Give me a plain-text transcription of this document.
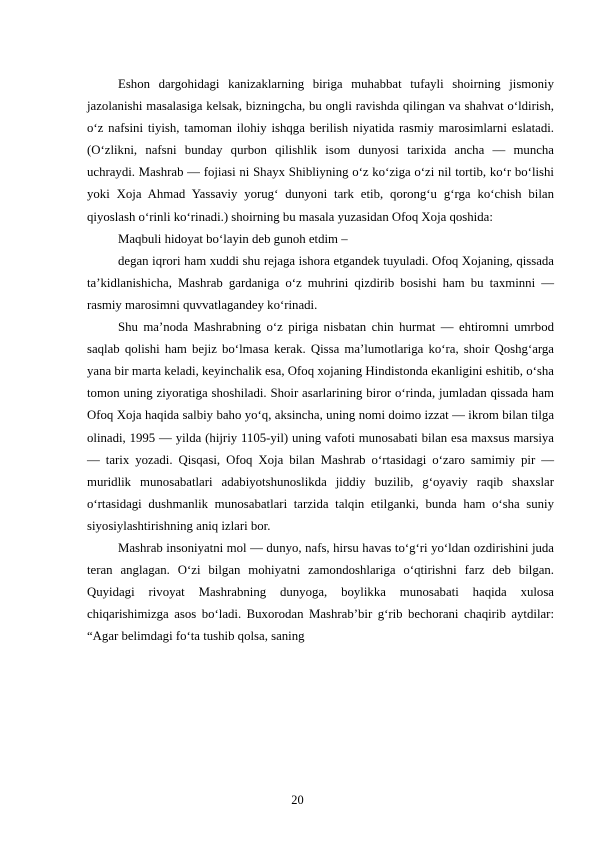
Eshon dargohidagi kanizaklarning biriga muhabbat tufayli shoirning jismoniy jazolanishi masalasiga kelsak, bizningcha, bu ongli ravishda qilingan va shahvat o‘ldirish, o‘z nafsini tiyish, tamoman ilohiy ishqga berilish niyatida rasmiy marosimlarni eslatadi. (O‘zlikni, nafsni bunday qurbon qilishlik isom dunyosi tarixida ancha — muncha uchraydi. Mashrab — fojiasi ni Shayx Shibliyning o‘z ko‘ziga o‘zi nil tortib, ko‘r bo‘lishi yoki Xoja Ahmad Yassaviy yorug‘ dunyoni tark etib, qorong‘u g‘rga ko‘chish bilan qiyoslash o‘rinli ko‘rinadi.) shoirning bu masala yuzasidan Ofoq Xoja qoshida:

Maqbuli hidoyat bo‘layin deb gunoh etdim –

degan iqrori ham xuddi shu rejaga ishora etgandek tuyuladi. Ofoq Xojaning, qissada ta’kidlanishicha, Mashrab gardaniga o‘z muhrini qizdirib bosishi ham bu taxminni — rasmiy marosimni quvvatlagandey ko‘rinadi.

Shu ma’noda Mashrabning o‘z piriga nisbatan chin hurmat — ehtiromni umrbod saqlab qolishi ham bejiz bo‘lmasa kerak. Qissa ma’lumotlariga ko‘ra, shoir Qoshg‘arga yana bir marta keladi, keyinchalik esa, Ofoq xojaning Hindistonda ekanligini eshitib, o‘sha tomon uning ziyoratiga shoshiladi. Shoir asarlarining biror o‘rinda, jumladan qissada ham Ofoq Xoja haqida salbiy baho yo‘q, aksincha, uning nomi doimo izzat — ikrom bilan tilga olinadi, 1995 — yilda (hijriy 1105-yil) uning vafoti munosabati bilan esa maxsus marsiya — tarix yozadi. Qisqasi, Ofoq Xoja bilan Mashrab o‘rtasidagi o‘zaro samimiy pir — muridlik munosabatlari adabiyotshunoslikda jiddiy buzilib, g‘oyaviy raqib shaxslar o‘rtasidagi dushmanlik munosabatlari tarzida talqin etilganki, bunda ham o‘sha suniy siyosiylashtirishning aniq izlari bor.

Mashrab insoniyatni mol — dunyo, nafs, hirsu havas to‘g‘ri yo‘ldan ozdirishini juda teran anglagan. O‘zi bilgan mohiyatni zamondoshlariga o‘qtirishni farz deb bilgan. Quyidagi rivoyat Mashrabning dunyoga, boylikka munosabati haqida xulosa chiqarishimizga asos bo‘ladi. Buxorodan Mashrab’bir g‘rib bechorani chaqirib aytdilar: “Agar belimdagi fo‘ta tushib qolsa, saning

20
